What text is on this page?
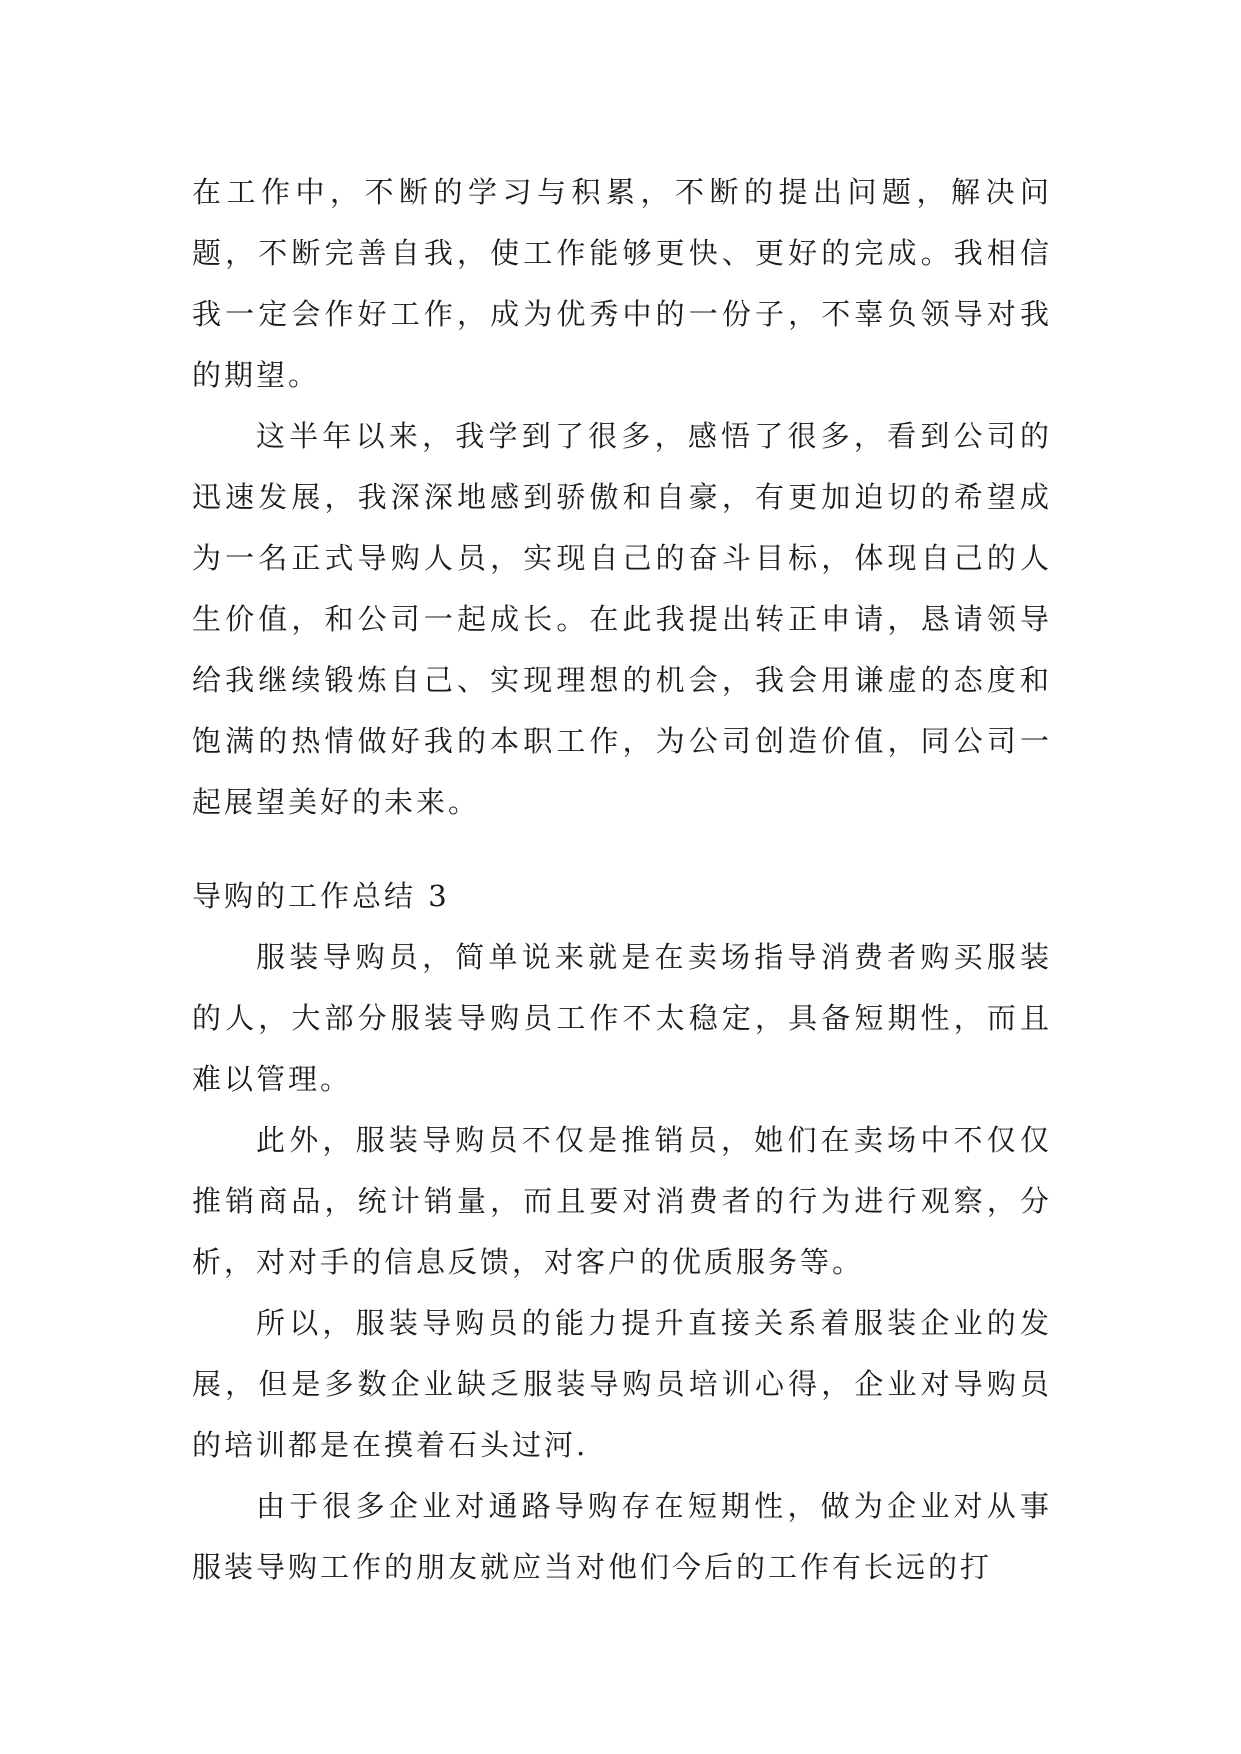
在工作中，不断的学习与积累，不断的提出问题，解决问题，不断完善自我，使工作能够更快、更好的完成。我相信我一定会作好工作，成为优秀中的一份子，不辜负领导对我的期望。

这半年以来，我学到了很多，感悟了很多，看到公司的迅速发展，我深深地感到骄傲和自豪，有更加迫切的希望成为一名正式导购人员，实现自己的奋斗目标，体现自己的人生价值，和公司一起成长。在此我提出转正申请，恳请领导给我继续锻炼自己、实现理想的机会，我会用谦虚的态度和饱满的热情做好我的本职工作，为公司创造价值，同公司一起展望美好的未来。

导购的工作总结 3

服装导购员，简单说来就是在卖场指导消费者购买服装的人，大部分服装导购员工作不太稳定，具备短期性，而且难以管理。

此外，服装导购员不仅是推销员，她们在卖场中不仅仅推销商品，统计销量，而且要对消费者的行为进行观察，分析，对对手的信息反馈，对客户的优质服务等。

所以，服装导购员的能力提升直接关系着服装企业的发展，但是多数企业缺乏服装导购员培训心得，企业对导购员的培训都是在摸着石头过河.

由于很多企业对通路导购存在短期性，做为企业对从事服装导购工作的朋友就应当对他们今后的工作有长远的打
